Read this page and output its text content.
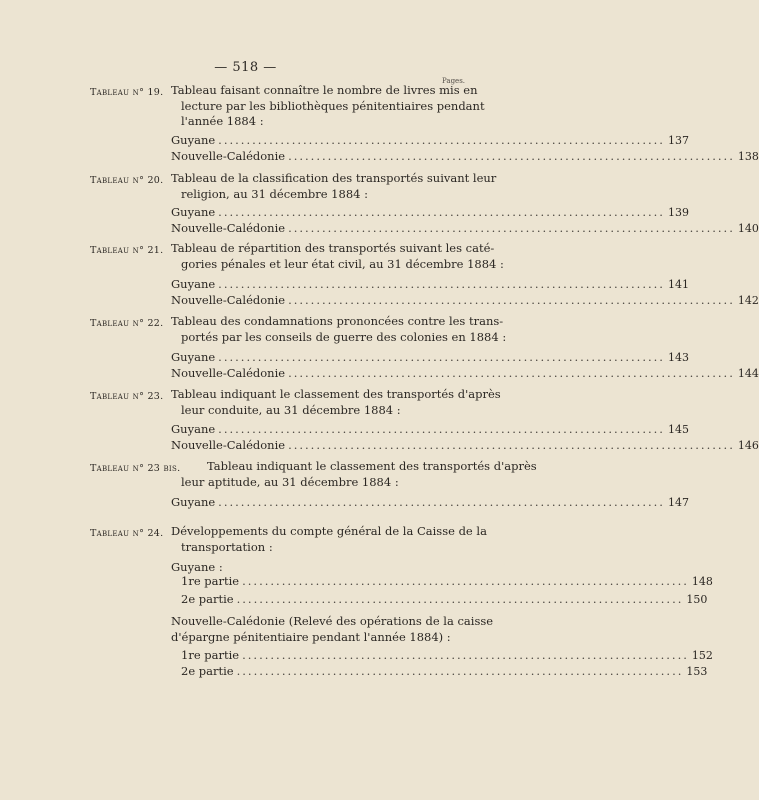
— 518 —
Pages.
Tableau n° 19. Tableau faisant connaître le nombre de livres mis en
lecture par les bibliothèques pénitentiaires pendant
l'année 1884 :
Guyane ............................................................................... 137
Nouvelle-Calédonie ............................................................................... 138
Tableau n° 20. Tableau de la classification des transportés suivant leur
religion, au 31 décembre 1884 :
Guyane ............................................................................... 139
Nouvelle-Calédonie ............................................................................... 140
Tableau n° 21. Tableau de répartition des transportés suivant les caté-
gories pénales et leur état civil, au 31 décembre 1884 :
Guyane ............................................................................... 141
Nouvelle-Calédonie ............................................................................... 142
Tableau n° 22. Tableau des condamnations prononcées contre les trans-
portés par les conseils de guerre des colonies en 1884 :
Guyane ............................................................................... 143
Nouvelle-Calédonie ............................................................................... 144
Tableau n° 23. Tableau indiquant le classement des transportés d'après
leur conduite, au 31 décembre 1884 :
Guyane ............................................................................... 145
Nouvelle-Calédonie ............................................................................... 146
Tableau n° 23 bis. Tableau indiquant le classement des transportés d'après
leur aptitude, au 31 décembre 1884 :
Guyane ............................................................................... 147
Tableau n° 24. Développements du compte général de la Caisse de la
transportation :
Guyane :
1re partie ............................................................................... 148
2e partie ............................................................................... 150
Nouvelle-Calédonie (Relevé des opérations de la caisse
d'épargne pénitentiaire pendant l'année 1884) :
1re partie ............................................................................... 152
2e partie ............................................................................... 153
